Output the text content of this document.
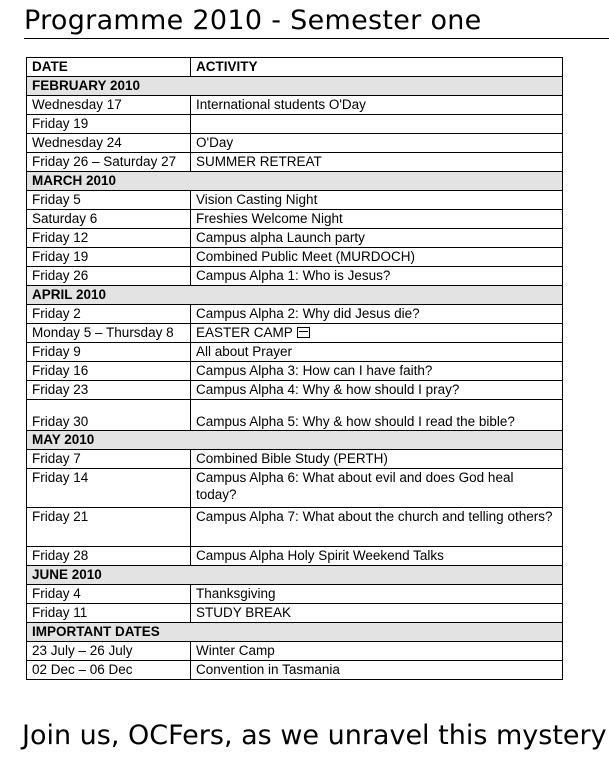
Programme 2010 - Semester one
DATE	ACTIVITY
FEBRUARY 2010	
Wednesday 17	International students O'Day
Friday 19	
Wednesday 24	O'Day
Friday 26 – Saturday 27	SUMMER RETREAT
MARCH 2010	
Friday 5	Vision Casting Night
Saturday 6	Freshies Welcome Night
Friday 12	Campus alpha Launch party
Friday 19	Combined Public Meet (MURDOCH)
Friday 26	Campus Alpha 1: Who is Jesus?
APRIL 2010	
Friday 2	Campus Alpha 2: Why did Jesus die?
Monday 5 – Thursday 8	EASTER CAMP
Friday 9	All about Prayer
Friday 16	Campus Alpha 3: How can I have faith?
Friday 23	Campus Alpha 4: Why & how should I pray?
Friday 30	Campus Alpha 5: Why & how should I read the bible?
MAY 2010	
Friday 7	Combined Bible Study (PERTH)
Friday 14	Campus Alpha 6: What about evil and does God heal today?
Friday 21	Campus Alpha 7: What about the church and telling others?
Friday 28	Campus Alpha Holy Spirit Weekend Talks
JUNE 2010	
Friday 4	Thanksgiving
Friday 11	STUDY BREAK
IMPORTANT DATES	
23 July – 26 July	Winter Camp
02 Dec – 06 Dec	Convention in Tasmania
Join us, OCFers, as we unravel this mystery
